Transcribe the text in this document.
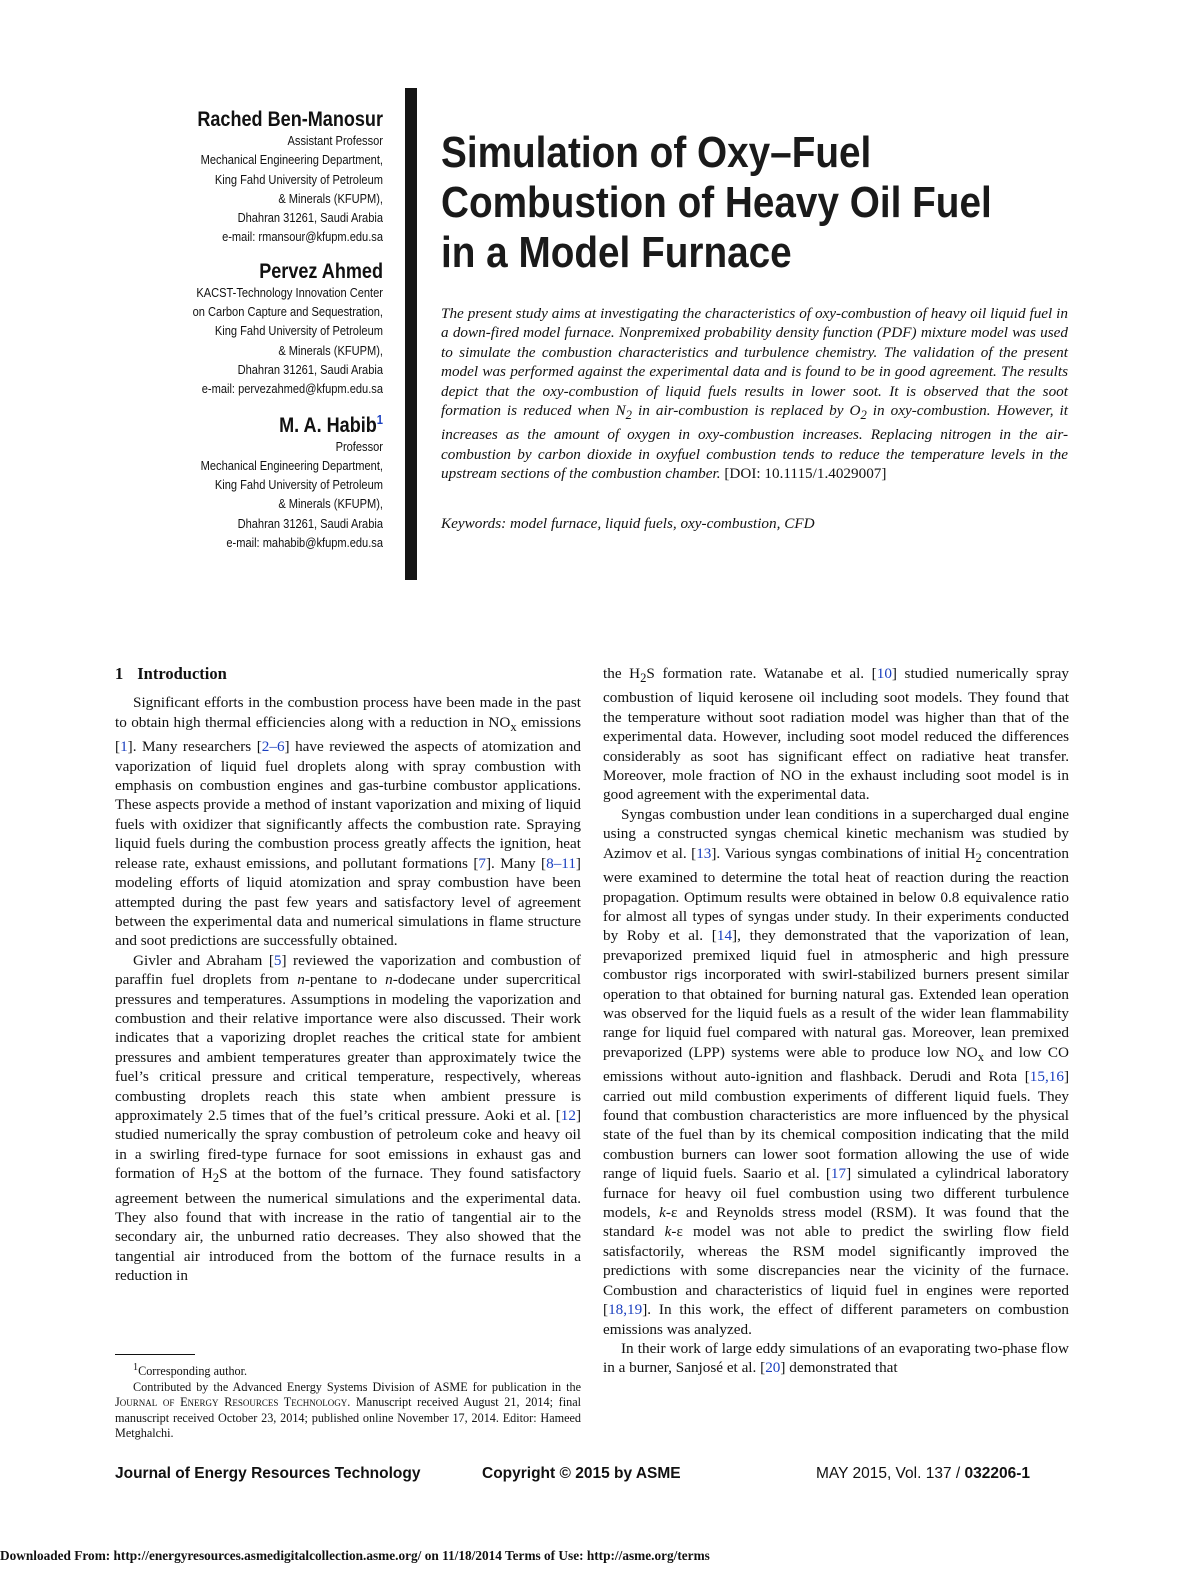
Rached Ben-Manosur
Assistant Professor
Mechanical Engineering Department,
King Fahd University of Petroleum
& Minerals (KFUPM),
Dhahran 31261, Saudi Arabia
e-mail: rmansour@kfupm.edu.sa
Pervez Ahmed
KACST-Technology Innovation Center
on Carbon Capture and Sequestration,
King Fahd University of Petroleum
& Minerals (KFUPM),
Dhahran 31261, Saudi Arabia
e-mail: pervezahmed@kfupm.edu.sa
M. A. Habib$^1$
Professor
Mechanical Engineering Department,
King Fahd University of Petroleum
& Minerals (KFUPM),
Dhahran 31261, Saudi Arabia
e-mail: mahabib@kfupm.edu.sa
Simulation of Oxy–Fuel
Combustion of Heavy Oil Fuel
in a Model Furnace
The present study aims at investigating the characteristics of oxy-combustion of heavy oil liquid fuel in a down-fired model furnace. Nonpremixed probability density function (PDF) mixture model was used to simulate the combustion characteristics and turbulence chemistry. The validation of the present model was performed against the experimental data and is found to be in good agreement. The results depict that the oxy-combustion of liquid fuels results in lower soot. It is observed that the soot formation is reduced when $N_2$ in air-combustion is replaced by $O_2$ in oxy-combustion. However, it increases as the amount of oxygen in oxy-combustion increases. Replacing nitrogen in the air-combustion by carbon dioxide in oxyfuel combustion tends to reduce the temperature levels in the upstream sections of the combustion chamber. [DOI: 10.1115/1.4029007]
Keywords: model furnace, liquid fuels, oxy-combustion, CFD
1 Introduction

Significant efforts in the combustion process have been made in the past to obtain high thermal efficiencies along with a reduction in $NO_x$ emissions [1]. Many researchers [2–6] have reviewed the aspects of atomization and vaporization of liquid fuel droplets along with spray combustion with emphasis on combustion engines and gas-turbine combustor applications. These aspects provide a method of instant vaporization and mixing of liquid fuels with oxidizer that significantly affects the combustion rate. Spraying liquid fuels during the combustion process greatly affects the ignition, heat release rate, exhaust emissions, and pollutant formations [7]. Many [8–11] modeling efforts of liquid atomization and spray combustion have been attempted during the past few years and satisfactory level of agreement between the experimental data and numerical simulations in flame structure and soot predictions are successfully obtained.

Givler and Abraham [5] reviewed the vaporization and combustion of paraffin fuel droplets from n-pentane to n-dodecane under supercritical pressures and temperatures. Assumptions in modeling the vaporization and combustion and their relative importance were also discussed. Their work indicates that a vaporizing droplet reaches the critical state for ambient pressures and ambient temperatures greater than approximately twice the fuel’s critical pressure and critical temperature, respectively, whereas combusting droplets reach this state when ambient pressure is approximately 2.5 times that of the fuel’s critical pressure. Aoki et al. [12] studied numerically the spray combustion of petroleum coke and heavy oil in a swirling fired-type furnace for soot emissions in exhaust gas and formation of $H_2S$ at the bottom of the furnace. They found satisfactory agreement between the numerical simulations and the experimental data. They also found that with increase in the ratio of tangential air to the secondary air, the unburned ratio decreases. They also showed that the tangential air introduced from the bottom of the furnace results in a reduction in

the $H_2S$ formation rate. Watanabe et al. [10] studied numerically spray combustion of liquid kerosene oil including soot models. They found that the temperature without soot radiation model was higher than that of the experimental data. However, including soot model reduced the differences considerably as soot has significant effect on radiative heat transfer. Moreover, mole fraction of NO in the exhaust including soot model is in good agreement with the experimental data.

Syngas combustion under lean conditions in a supercharged dual engine using a constructed syngas chemical kinetic mechanism was studied by Azimov et al. [13]. Various syngas combinations of initial $H_2$ concentration were examined to determine the total heat of reaction during the reaction propagation. Optimum results were obtained in below 0.8 equivalence ratio for almost all types of syngas under study. In their experiments conducted by Roby et al. [14], they demonstrated that the vaporization of lean, prevaporized premixed liquid fuel in atmospheric and high pressure combustor rigs incorporated with swirl-stabilized burners present similar operation to that obtained for burning natural gas. Extended lean operation was observed for the liquid fuels as a result of the wider lean flammability range for liquid fuel compared with natural gas. Moreover, lean premixed prevaporized (LPP) systems were able to produce low $NO_x$ and low CO emissions without auto-ignition and flashback. Derudi and Rota [15,16] carried out mild combustion experiments of different liquid fuels. They found that combustion characteristics are more influenced by the physical state of the fuel than by its chemical composition indicating that the mild combustion burners can lower soot formation allowing the use of wide range of liquid fuels. Saario et al. [17] simulated a cylindrical laboratory furnace for heavy oil fuel combustion using two different turbulence models, k-ε and Reynolds stress model (RSM). It was found that the standard k-ε model was not able to predict the swirling flow field satisfactorily, whereas the RSM model significantly improved the predictions with some discrepancies near the vicinity of the furnace. Combustion and characteristics of liquid fuel in engines were reported [18,19]. In this work, the effect of different parameters on combustion emissions was analyzed.

In their work of large eddy simulations of an evaporating two-phase flow in a burner, Sanjosé et al. [20] demonstrated that

$^1$Corresponding author.

Contributed by the Advanced Energy Systems Division of ASME for publication in the Journal of Energy Resources Technology. Manuscript received August 21, 2014; final manuscript received October 23, 2014; published online November 17, 2014. Editor: Hameed Metghalchi.

Journal of Energy Resources Technology	Copyright © 2015 by ASME	MAY 2015, Vol. 137 / 032206-1
Downloaded From: http://energyresources.asmedigitalcollection.asme.org/ on 11/18/2014 Terms of Use: http://asme.org/terms
